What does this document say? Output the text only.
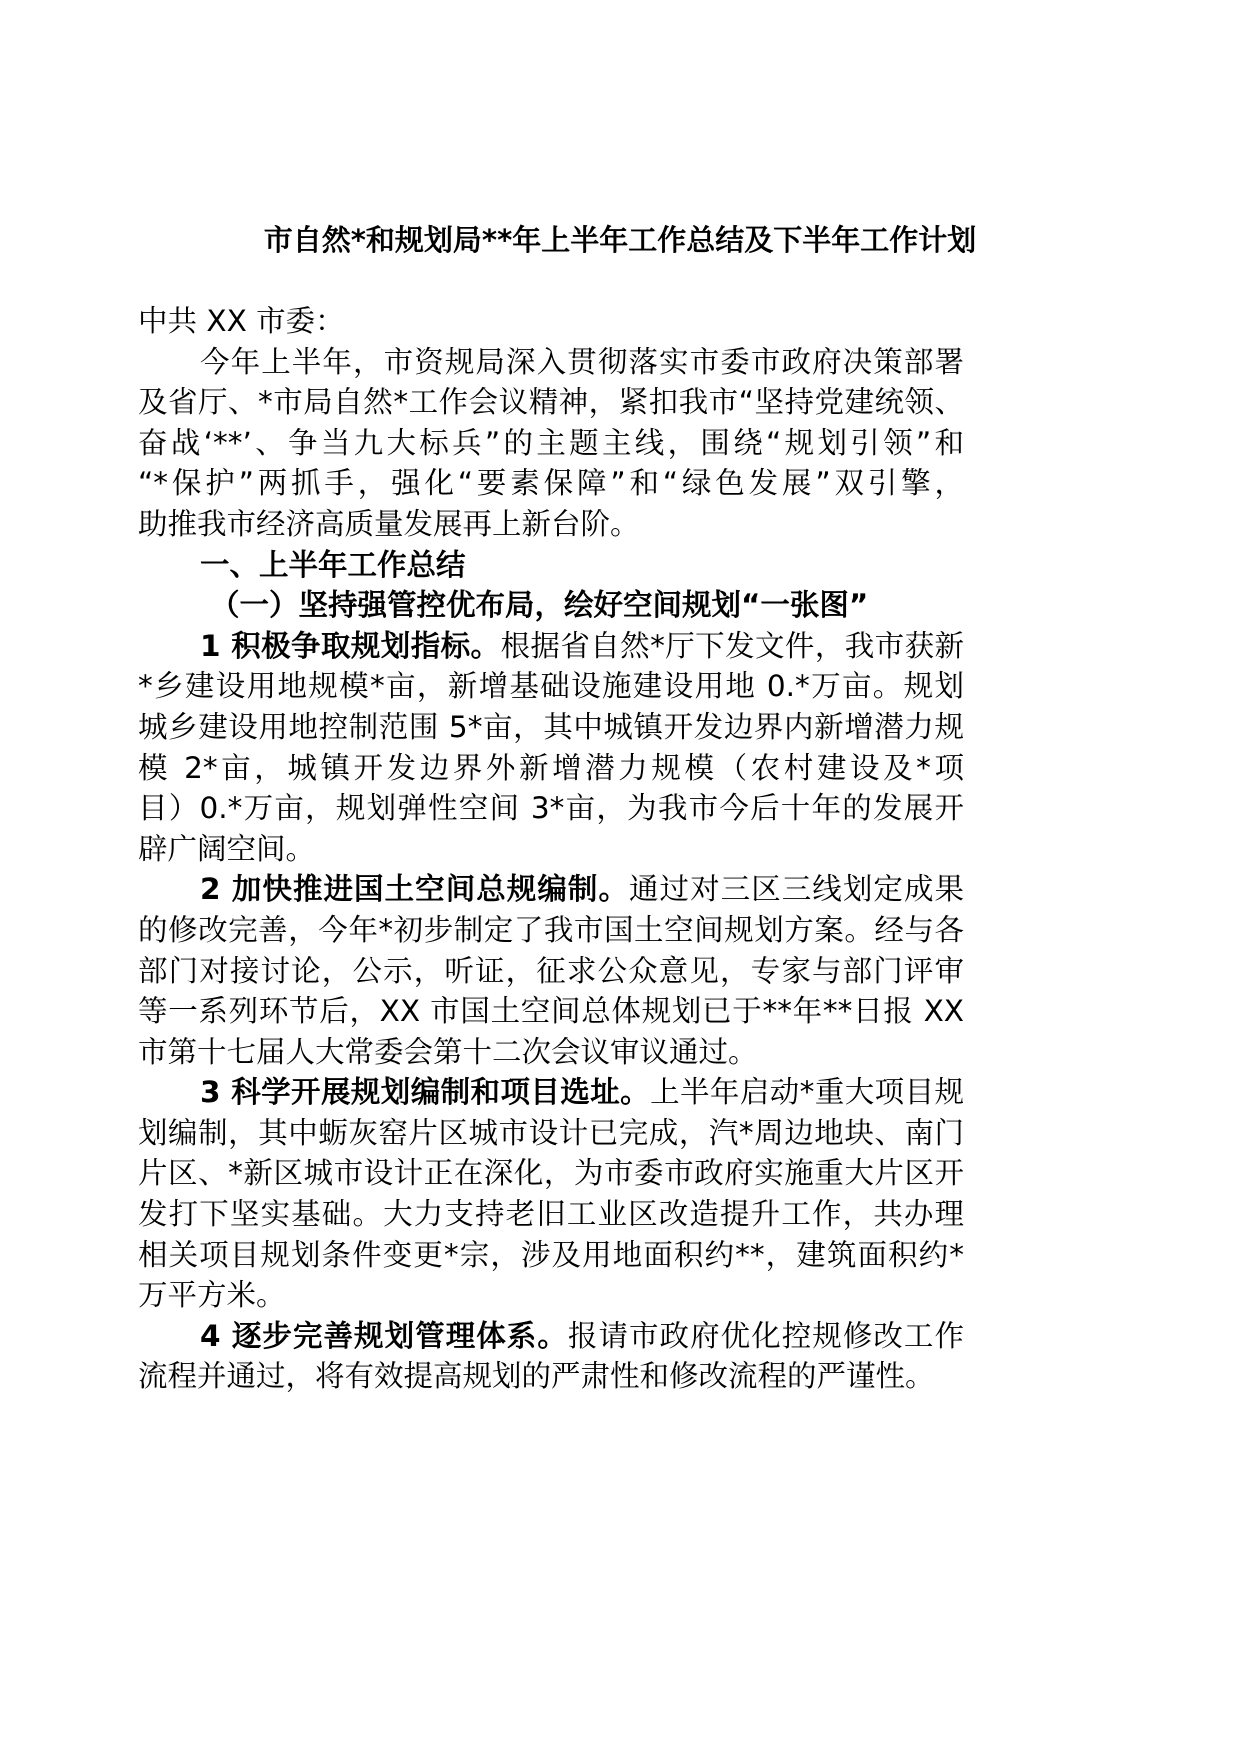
市自然*和规划局**年上半年工作总结及下半年工作计划
中共 XX 市委：
今年上半年，市资规局深入贯彻落实市委市政府决策部署
及省厅、*市局自然*工作会议精神，紧扣我市“坚持党建统领、
奋战‘**’、争当九大标兵”的主题主线，围绕“规划引领”和
“*保护”两抓手，强化“要素保障”和“绿色发展”双引擎，
助推我市经济高质量发展再上新台阶。
一、上半年工作总结
（一）坚持强管控优布局，绘好空间规划“一张图”
1 积极争取规划指标。根据省自然*厅下发文件，我市获新
*乡建设用地规模*亩，新增基础设施建设用地 0.*万亩。规划
城乡建设用地控制范围 5*亩，其中城镇开发边界内新增潜力规
模 2*亩，城镇开发边界外新增潜力规模（农村建设及*项
目）0.*万亩，规划弹性空间 3*亩，为我市今后十年的发展开
辟广阔空间。
2 加快推进国土空间总规编制。通过对三区三线划定成果
的修改完善，今年*初步制定了我市国土空间规划方案。经与各
部门对接讨论，公示，听证，征求公众意见，专家与部门评审
等一系列环节后，XX 市国土空间总体规划已于**年**日报 XX
市第十七届人大常委会第十二次会议审议通过。
3 科学开展规划编制和项目选址。上半年启动*重大项目规
划编制，其中蛎灰窑片区城市设计已完成，汽*周边地块、南门
片区、*新区城市设计正在深化，为市委市政府实施重大片区开
发打下坚实基础。大力支持老旧工业区改造提升工作，共办理
相关项目规划条件变更*宗，涉及用地面积约**，建筑面积约*
万平方米。
4 逐步完善规划管理体系。报请市政府优化控规修改工作
流程并通过，将有效提高规划的严肃性和修改流程的严谨性。
